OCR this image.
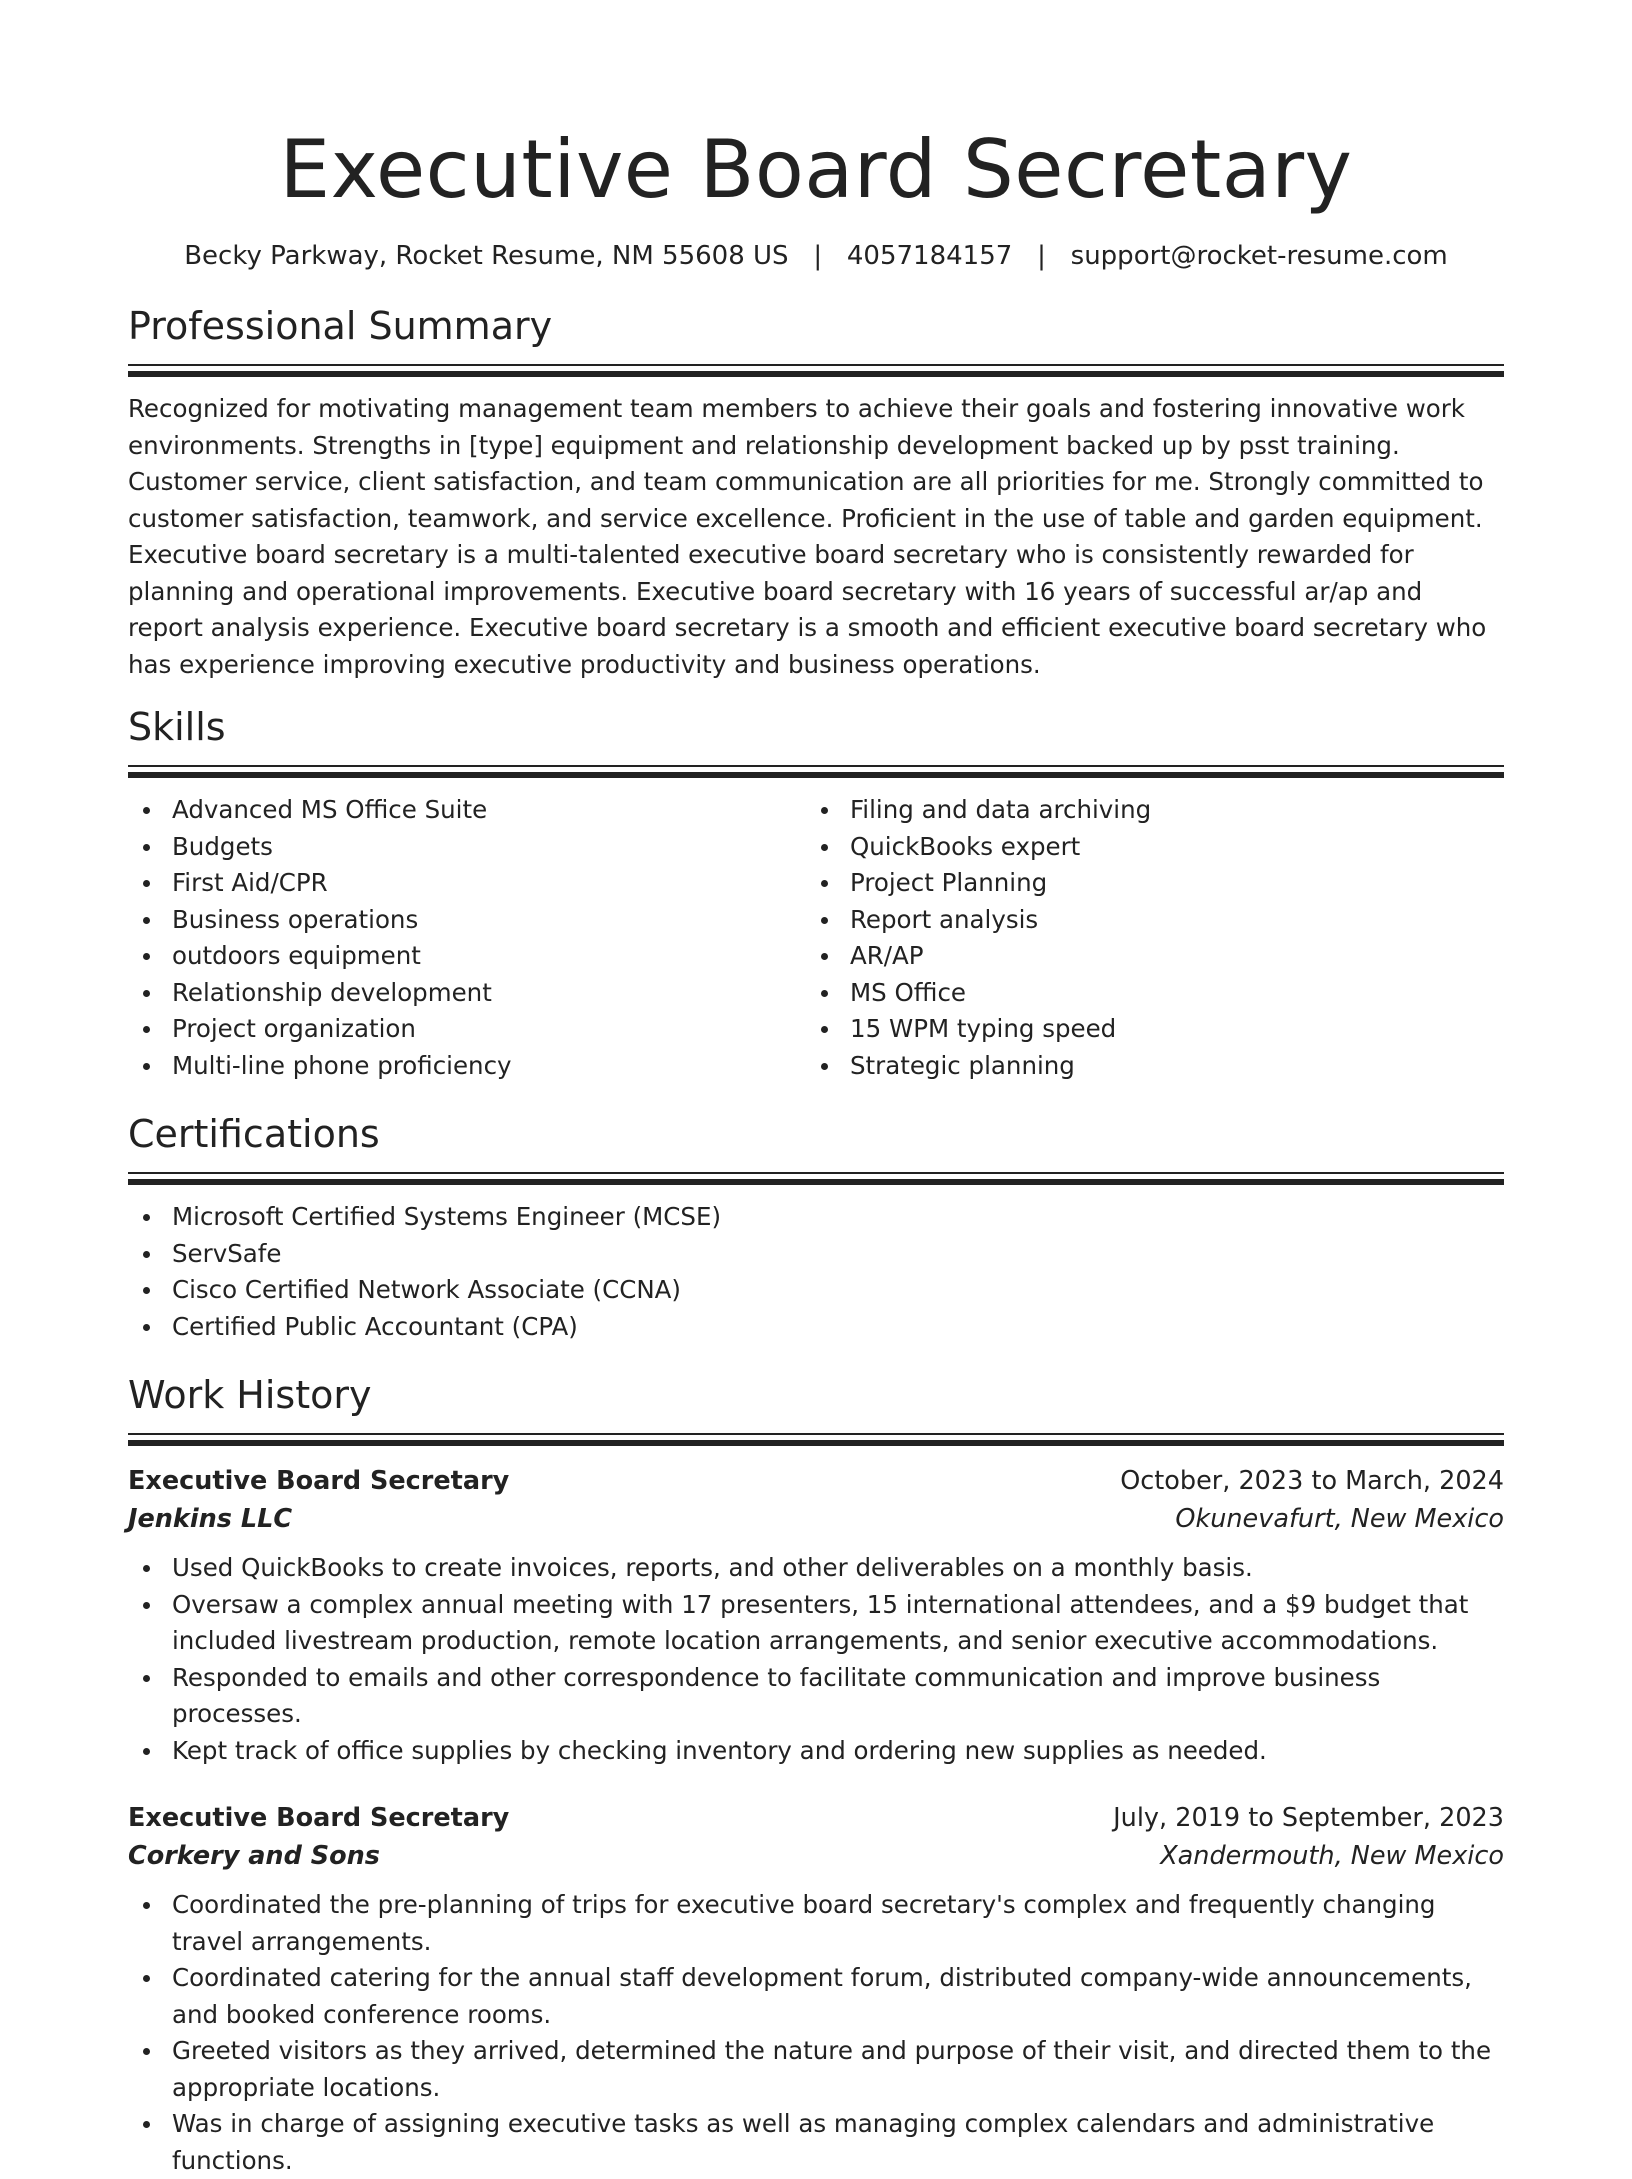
Executive Board Secretary
Becky Parkway, Rocket Resume, NM 55608 US   |   4057184157   |   support@rocket-resume.com
Professional Summary

Recognized for motivating management team members to achieve their goals and fostering innovative work environments. Strengths in [type] equipment and relationship development backed up by psst training. Customer service, client satisfaction, and team communication are all priorities for me. Strongly committed to customer satisfaction, teamwork, and service excellence. Proficient in the use of table and garden equipment. Executive board secretary is a multi-talented executive board secretary who is consistently rewarded for planning and operational improvements. Executive board secretary with 16 years of successful ar/ap and report analysis experience. Executive board secretary is a smooth and efficient executive board secretary who has experience improving executive productivity and business operations.

Skills
Advanced MS Office Suite
Budgets
First Aid/CPR
Business operations
outdoors equipment
Relationship development
Project organization
Multi-line phone proficiency
Filing and data archiving
QuickBooks expert
Project Planning
Report analysis
AR/AP
MS Office
15 WPM typing speed
Strategic planning
Certifications
Microsoft Certified Systems Engineer (MCSE)
ServSafe
Cisco Certified Network Associate (CCNA)
Certified Public Accountant (CPA)
Work History
Executive Board Secretary	October, 2023 to March, 2024
Jenkins LLC	Okunevafurt, New Mexico
Used QuickBooks to create invoices, reports, and other deliverables on a monthly basis.
Oversaw a complex annual meeting with 17 presenters, 15 international attendees, and a $9 budget that included livestream production, remote location arrangements, and senior executive accommodations.
Responded to emails and other correspondence to facilitate communication and improve business processes.
Kept track of office supplies by checking inventory and ordering new supplies as needed.
Executive Board Secretary	July, 2019 to September, 2023
Corkery and Sons	Xandermouth, New Mexico
Coordinated the pre-planning of trips for executive board secretary's complex and frequently changing travel arrangements.
Coordinated catering for the annual staff development forum, distributed company-wide announcements, and booked conference rooms.
Greeted visitors as they arrived, determined the nature and purpose of their visit, and directed them to the appropriate locations.
Was in charge of assigning executive tasks as well as managing complex calendars and administrative functions.
